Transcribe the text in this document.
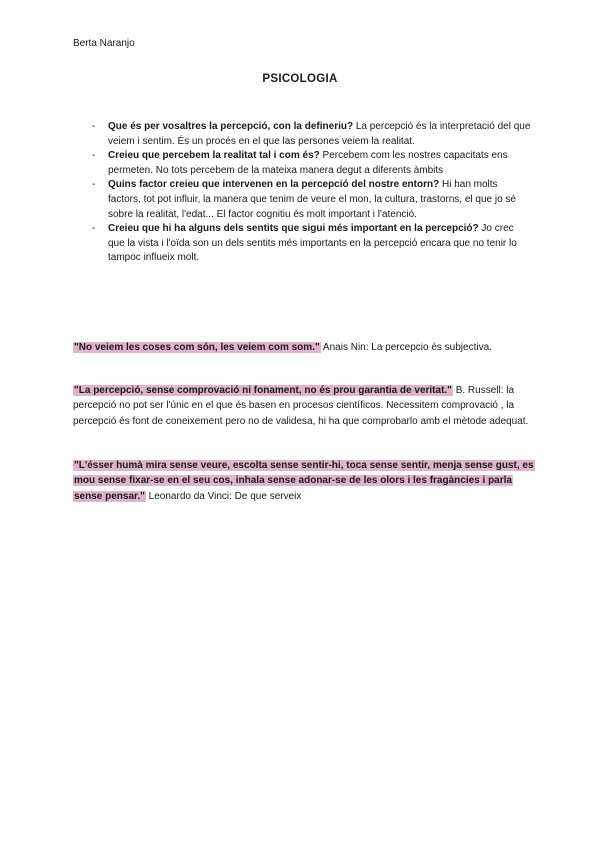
Berta Naranjo
PSICOLOGIA
- Que és per vosaltres la percepció, con la defineriu? La percepció és la interpretació del que veiem i sentim. És un procés en el que las persones veiem la realitat.
- Creieu que percebem la realitat tal i com és? Percebem com les nostres capacitats ens permeten. No tots percebem de la mateixa manera degut a diferents àmbits
- Quins factor creieu que intervenen en la percepció del nostre entorn? Hi han molts factors, tot pot influir, la manera que tenim de veure el mon, la cultura, trastorns, el que jo sé sobre la realitat, l'edat... El factor cognitiu és molt important i l'atenció.
- Creieu que hi ha alguns dels sentits que sigui més important en la percepció? Jo crec que la vista i l'oïda son un dels sentits més importants en la percepció encara que no tenir lo tampoc influeix molt.
"No veiem les coses com són, les veiem com som." Anais Nin: La percepcio és subjectiva.
"La percepció, sense comprovació ni fonament, no és prou garantia de veritat." B. Russell: la percepció no pot ser l'únic en el que és basen en procesos científicos. Necessitem comprovació , la percepció és font de coneixement pero no de validesa, hi ha que comprobarlo amb el mètode adequat.
"L'ésser humà mira sense veure, escolta sense sentir-hi, toca sense sentir, menja sense gust, es mou sense fixar-se en el seu cos, inhala sense adonar-se de les olors i les fragàncies i parla sense pensar." Leonardo da Vinci: De que serveix
